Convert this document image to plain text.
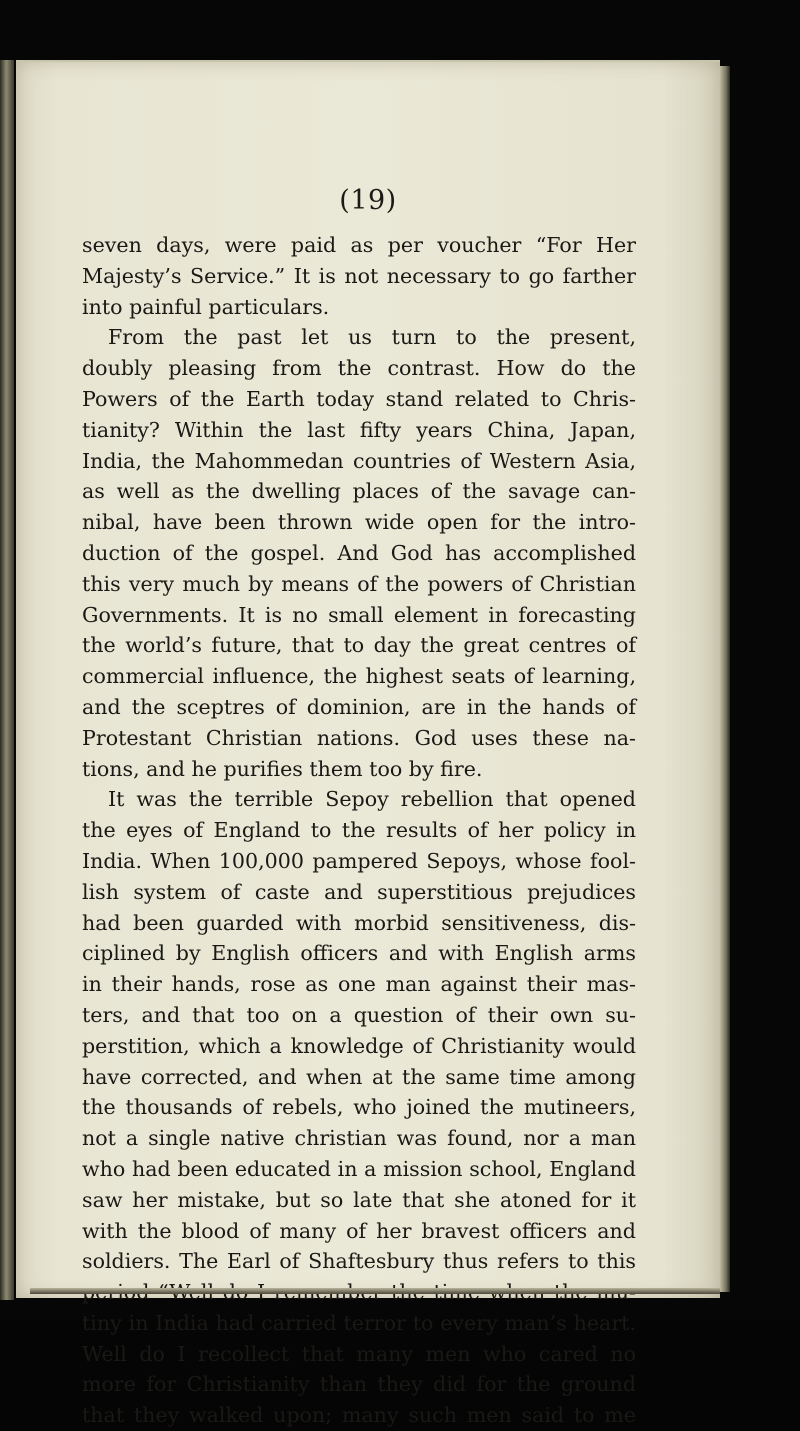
(19)
seven days, were paid as per voucher “For Her
Majesty’s Service.” It is not necessary to go farther
into painful particulars.
From the past let us turn to the present,
doubly pleasing from the contrast. How do the
Powers of the Earth today stand related to Chris-
tianity? Within the last fifty years China, Japan,
India, the Mahommedan countries of Western Asia,
as well as the dwelling places of the savage can-
nibal, have been thrown wide open for the intro-
duction of the gospel. And God has accomplished
this very much by means of the powers of Christian
Governments. It is no small element in forecasting
the world’s future, that to day the great centres of
commercial influence, the highest seats of learning,
and the sceptres of dominion, are in the hands of
Protestant Christian nations. God uses these na-
tions, and he purifies them too by fire.
It was the terrible Sepoy rebellion that opened
the eyes of England to the results of her policy in
India. When 100,000 pampered Sepoys, whose fool-
lish system of caste and superstitious prejudices
had been guarded with morbid sensitiveness, dis-
ciplined by English officers and with English arms
in their hands, rose as one man against their mas-
ters, and that too on a question of their own su-
perstition, which a knowledge of Christianity would
have corrected, and when at the same time among
the thousands of rebels, who joined the mutineers,
not a single native christian was found, nor a man
who had been educated in a mission school, England
saw her mistake, but so late that she atoned for it
with the blood of many of her bravest officers and
soldiers. The Earl of Shaftesbury thus refers to this
tiny in India had carried terror to every man’s heart.
Well do I recollect that many men who cared no
more for Christianity than they did for the ground
that they walked upon; many such men said to me
